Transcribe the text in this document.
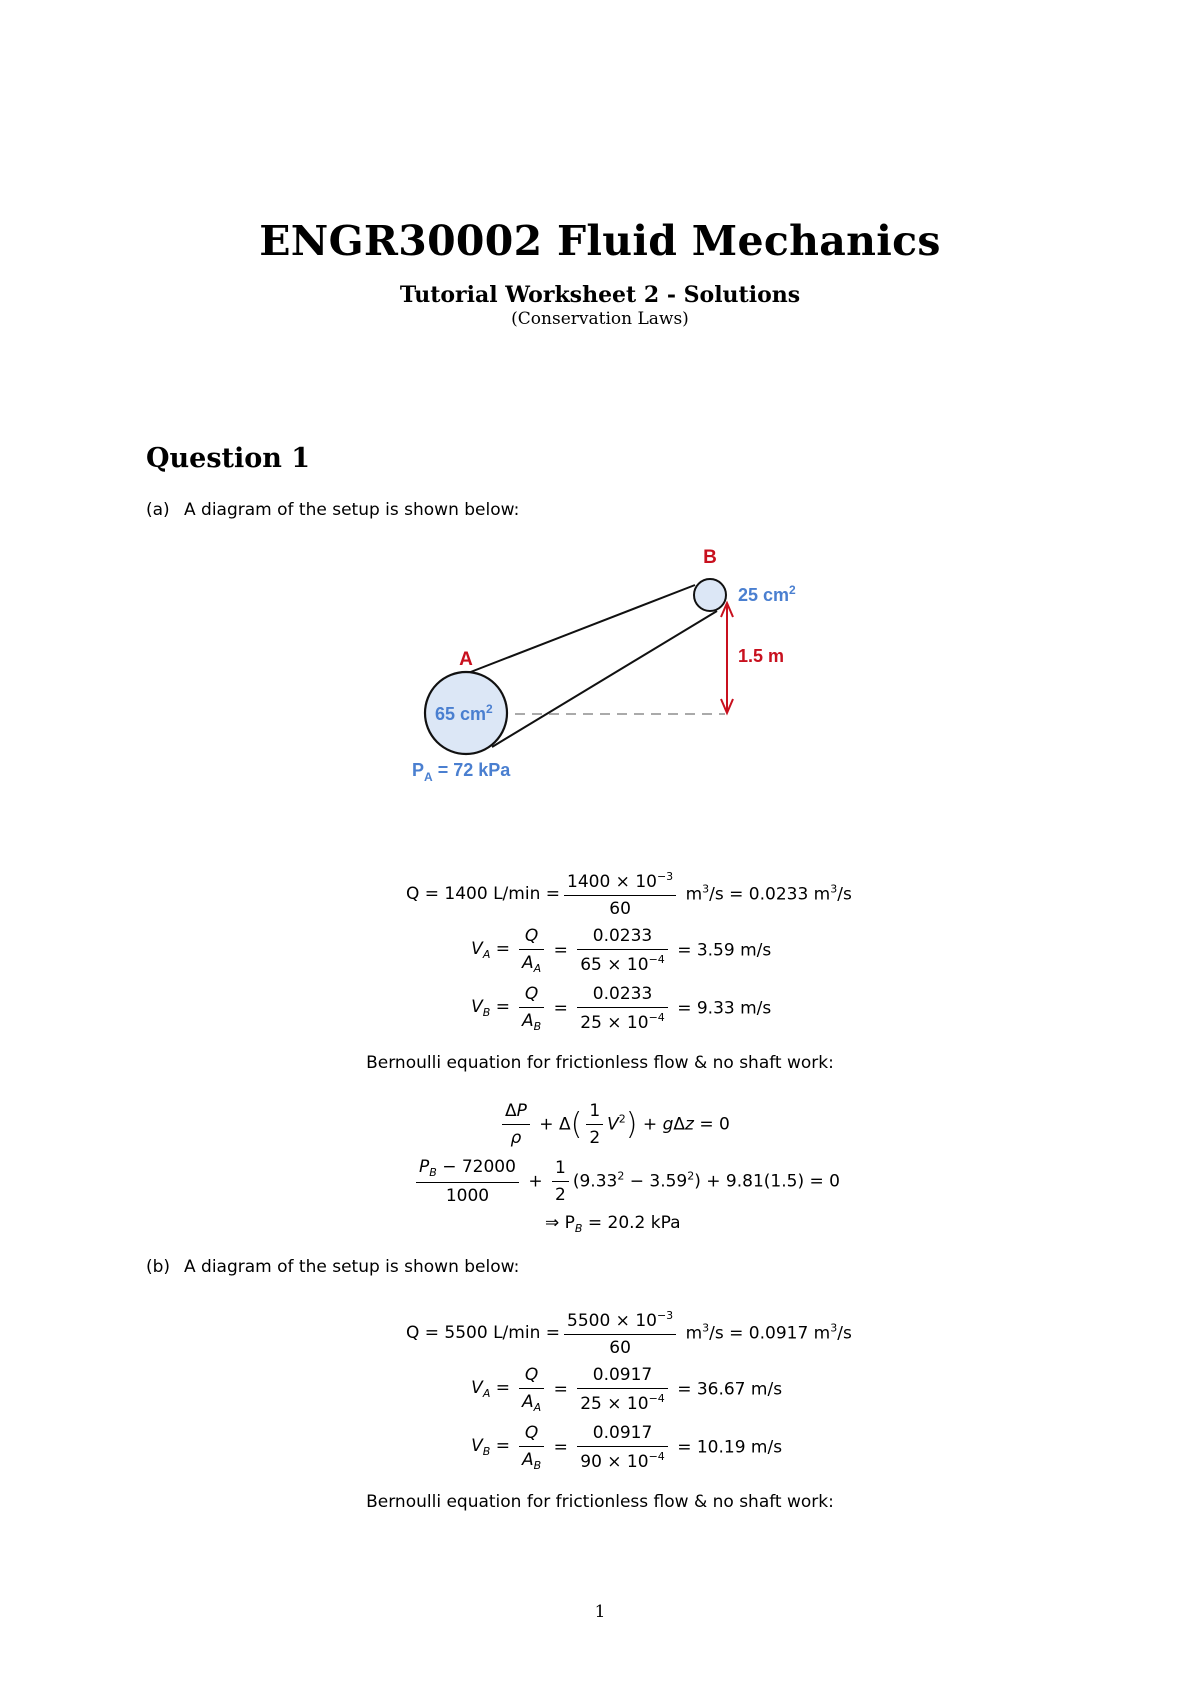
ENGR30002 Fluid Mechanics
Tutorial Worksheet 2 - Solutions
(Conservation Laws)
Question 1
(a) A diagram of the setup is shown below:
B
A
25 $cm^2$
1.5 m
65 $cm^2$
$P_A = 72$ kPa
Q = 1400 $L/\min = \frac{1400 \times 10^{-3}}{60} m^3/s = 0.0233$ $m^3/s$
$V_A = \frac{Q}{A_A} = \frac{0.0233}{65 \times 10^{-4}} = 3.59$ m/s
$V_B = \frac{Q}{A_B} = \frac{0.0233}{25 \times 10^{-4}} = 9.33$ m/s
Bernoulli equation for frictionless flow & no shaft work:
$\frac{\Delta P}{\rho} + \Delta( \frac{1}{2} V^2) + g\Delta z = 0$
$\frac{P_B - 72000}{1000} + \frac{1}{2} (9.33^2 - 3.59^2) + 9.81(1.5) = 0$
⇒ $P_B = 20.2$ kPa
(b) A diagram of the setup is shown below:
Q = 5500 $L/\min = \frac{5500 \times 10^{-3}}{60} m^3/s = 0.0917$ $m^3/s$
$V_A = \frac{Q}{A_A} = \frac{0.0917}{25 \times 10^{-4}} = 36.67$ m/s
$V_B = \frac{Q}{A_B} = \frac{0.0917}{90 \times 10^{-4}} = 10.19$ m/s
Bernoulli equation for frictionless flow & no shaft work:
1
